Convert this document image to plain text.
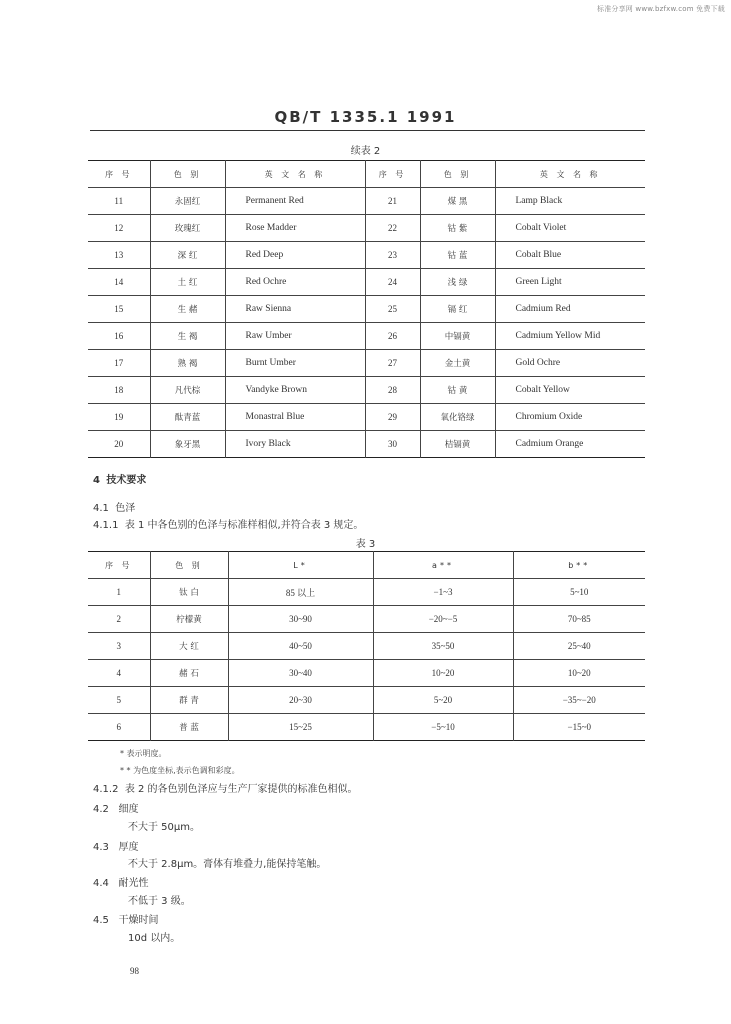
标准分享网 www.bzfxw.com 免费下载
QB/T 1335.1 1991
续表 2
序 号	色 别	英 文 名 称	序 号	色 别	英 文 名 称
11	永固红	Permanent Red	21	煤 黑	Lamp Black
12	玫瑰红	Rose Madder	22	钴 紫	Cobalt Violet
13	深 红	Red Deep	23	钴 蓝	Cobalt Blue
14	土 红	Red Ochre	24	浅 绿	Green Light
15	生 赭	Raw Sienna	25	镉 红	Cadmium Red
16	生 褐	Raw Umber	26	中镉黄	Cadmium Yellow Mid
17	熟 褐	Burnt Umber	27	金土黄	Gold Ochre
18	凡代棕	Vandyke Brown	28	钴 黄	Cobalt Yellow
19	酞青蓝	Monastral Blue	29	氧化铬绿	Chromium Oxide
20	象牙黑	Ivory Black	30	桔镉黄	Cadmium Orange
4 技术要求
4.1 色泽
4.1.1 表 1 中各色别的色泽与标准样相似,并符合表 3 规定。
表 3
序 号	色 别	L*	a**	b**
1	钛 白	85 以上	−1~3	5~10
2	柠檬黄	30~90	−20~−5	70~85
3	大 红	40~50	35~50	25~40
4	赭 石	30~40	10~20	10~20
5	群 青	20~30	5~20	−35~−20
6	普 蓝	15~25	−5~10	−15~0
* 表示明度。
* * 为色度坐标,表示色调和彩度。
4.1.2 表 2 的各色别色泽应与生产厂家提供的标准色相似。
4.2 细度
不大于 50μm。
4.3 厚度
不大于 2.8μm。膏体有堆叠力,能保持笔触。
4.4 耐光性
不低于 3 级。
4.5 干燥时间
10d 以内。
98
